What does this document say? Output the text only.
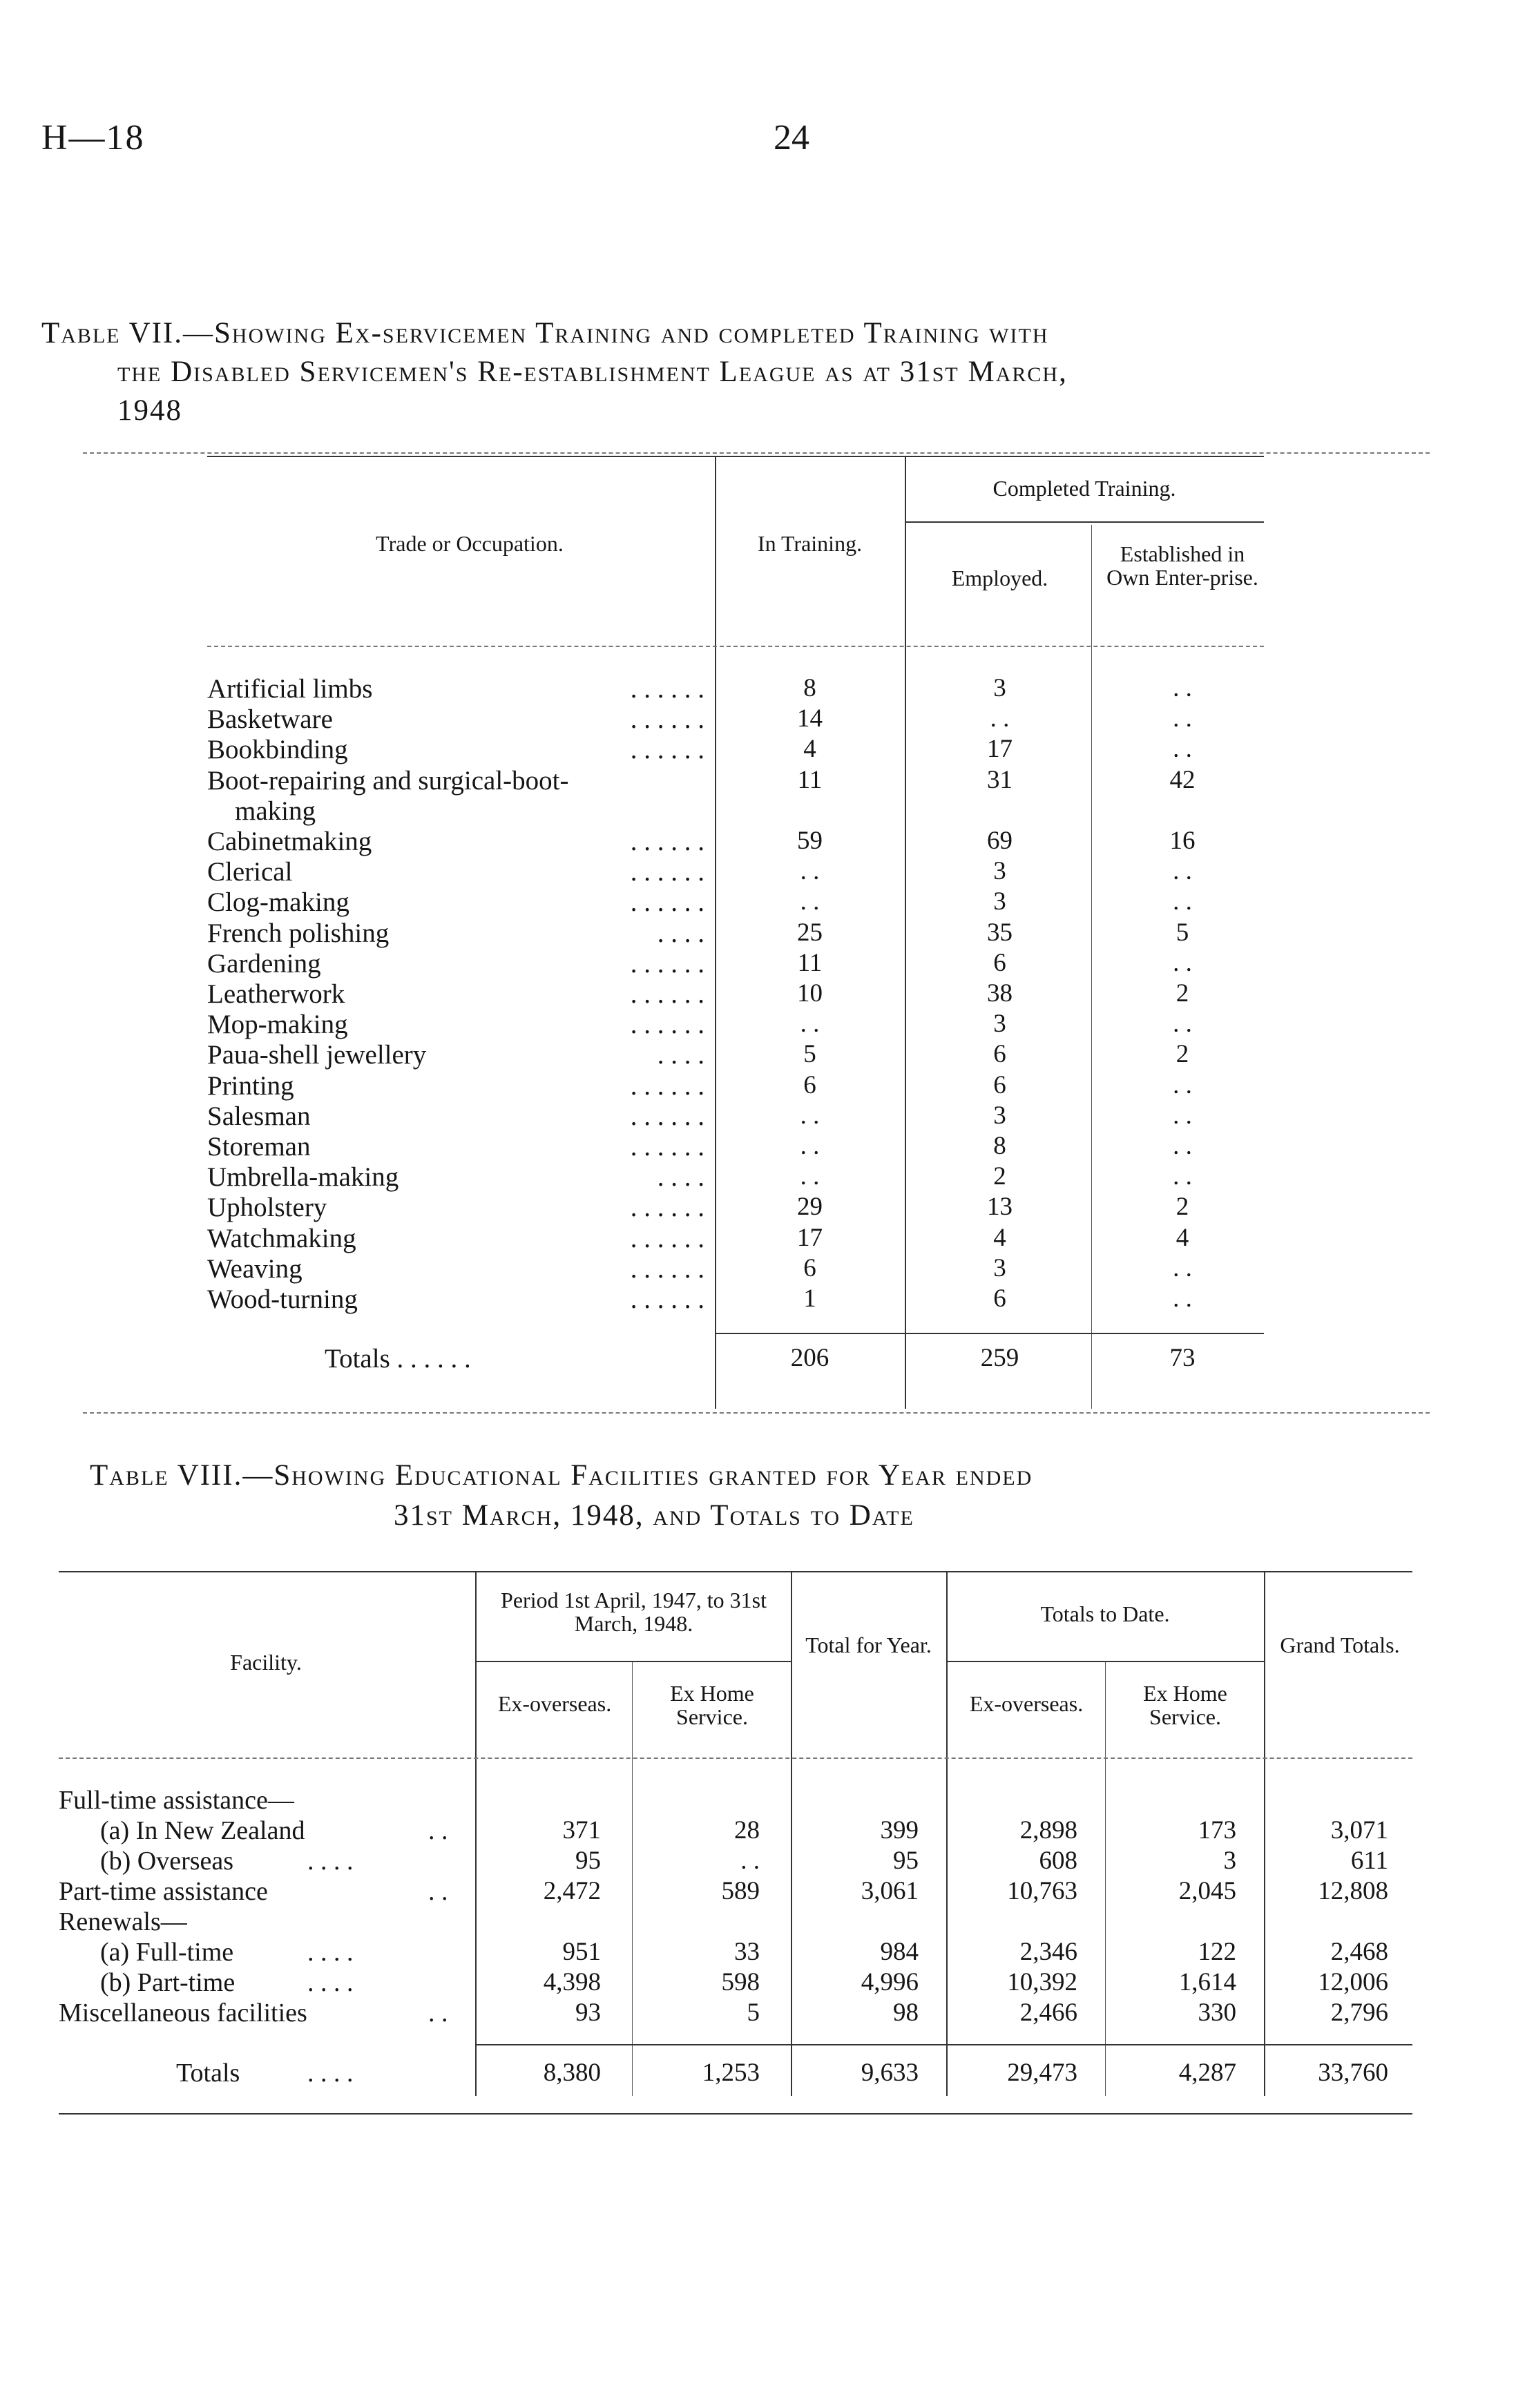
H—18	24
Table VII.—Showing Ex-servicemen Training and completed Training with
the Disabled Servicemen's Re-establishment League as at 31st March,
1948
Trade or Occupation.	In Training.
Completed Training.
Employed.
Established in Own Enter-prise.
Artificial limbs	. . . . . .	8	3	. .
Basketware	. . . . . .	14	. .	. .
Bookbinding	. . . . . .	4	17	. .
Boot-repairing and surgical-boot-	11	31	42
making
Cabinetmaking	. . . . . .	59	69	16
Clerical	. . . . . .	. .	3	. .
Clog-making	. . . . . .	. .	3	. .
French polishing	. . . .	25	35	5
Gardening	. . . . . .	11	6	. .
Leatherwork	. . . . . .	10	38	2
Mop-making	. . . . . .	. .	3	. .
Paua-shell jewellery	. . . .	5	6	2
Printing	. . . . . .	6	6	. .
Salesman	. . . . . .	. .	3	. .
Storeman	. . . . . .	. .	8	. .
Umbrella-making	. . . .	. .	2	. .
Upholstery	. . . . . .	29	13	2
Watchmaking	. . . . . .	17	4	4
Weaving	. . . . . .	6	3	. .
Wood-turning	. . . . . .	1	6	. .
Totals . . . . . .	206	259	73
Table VIII.—Showing Educational Facilities granted for Year ended
31st March, 1948, and Totals to Date
Facility.
Period 1st April, 1947, to 31st March, 1948.
Total for Year.
Totals to Date.
Grand Totals.
Ex-overseas.	Ex Home Service.
Ex-overseas.	Ex Home Service.
Full-time assistance—
(a) In New Zealand	. .	371	28	399	2,898	173	3,071
(b) Overseas	. . . .	95	. .	95	608	3	611
Part-time assistance	. .	2,472	589	3,061	10,763	2,045	12,808
Renewals—
(a) Full-time	. . . .	951	33	984	2,346	122	2,468
(b) Part-time	. . . .	4,398	598	4,996	10,392	1,614	12,006
Miscellaneous facilities	. .	93	5	98	2,466	330	2,796
Totals	. . . .	8,380	1,253	9,633	29,473	4,287	33,760
